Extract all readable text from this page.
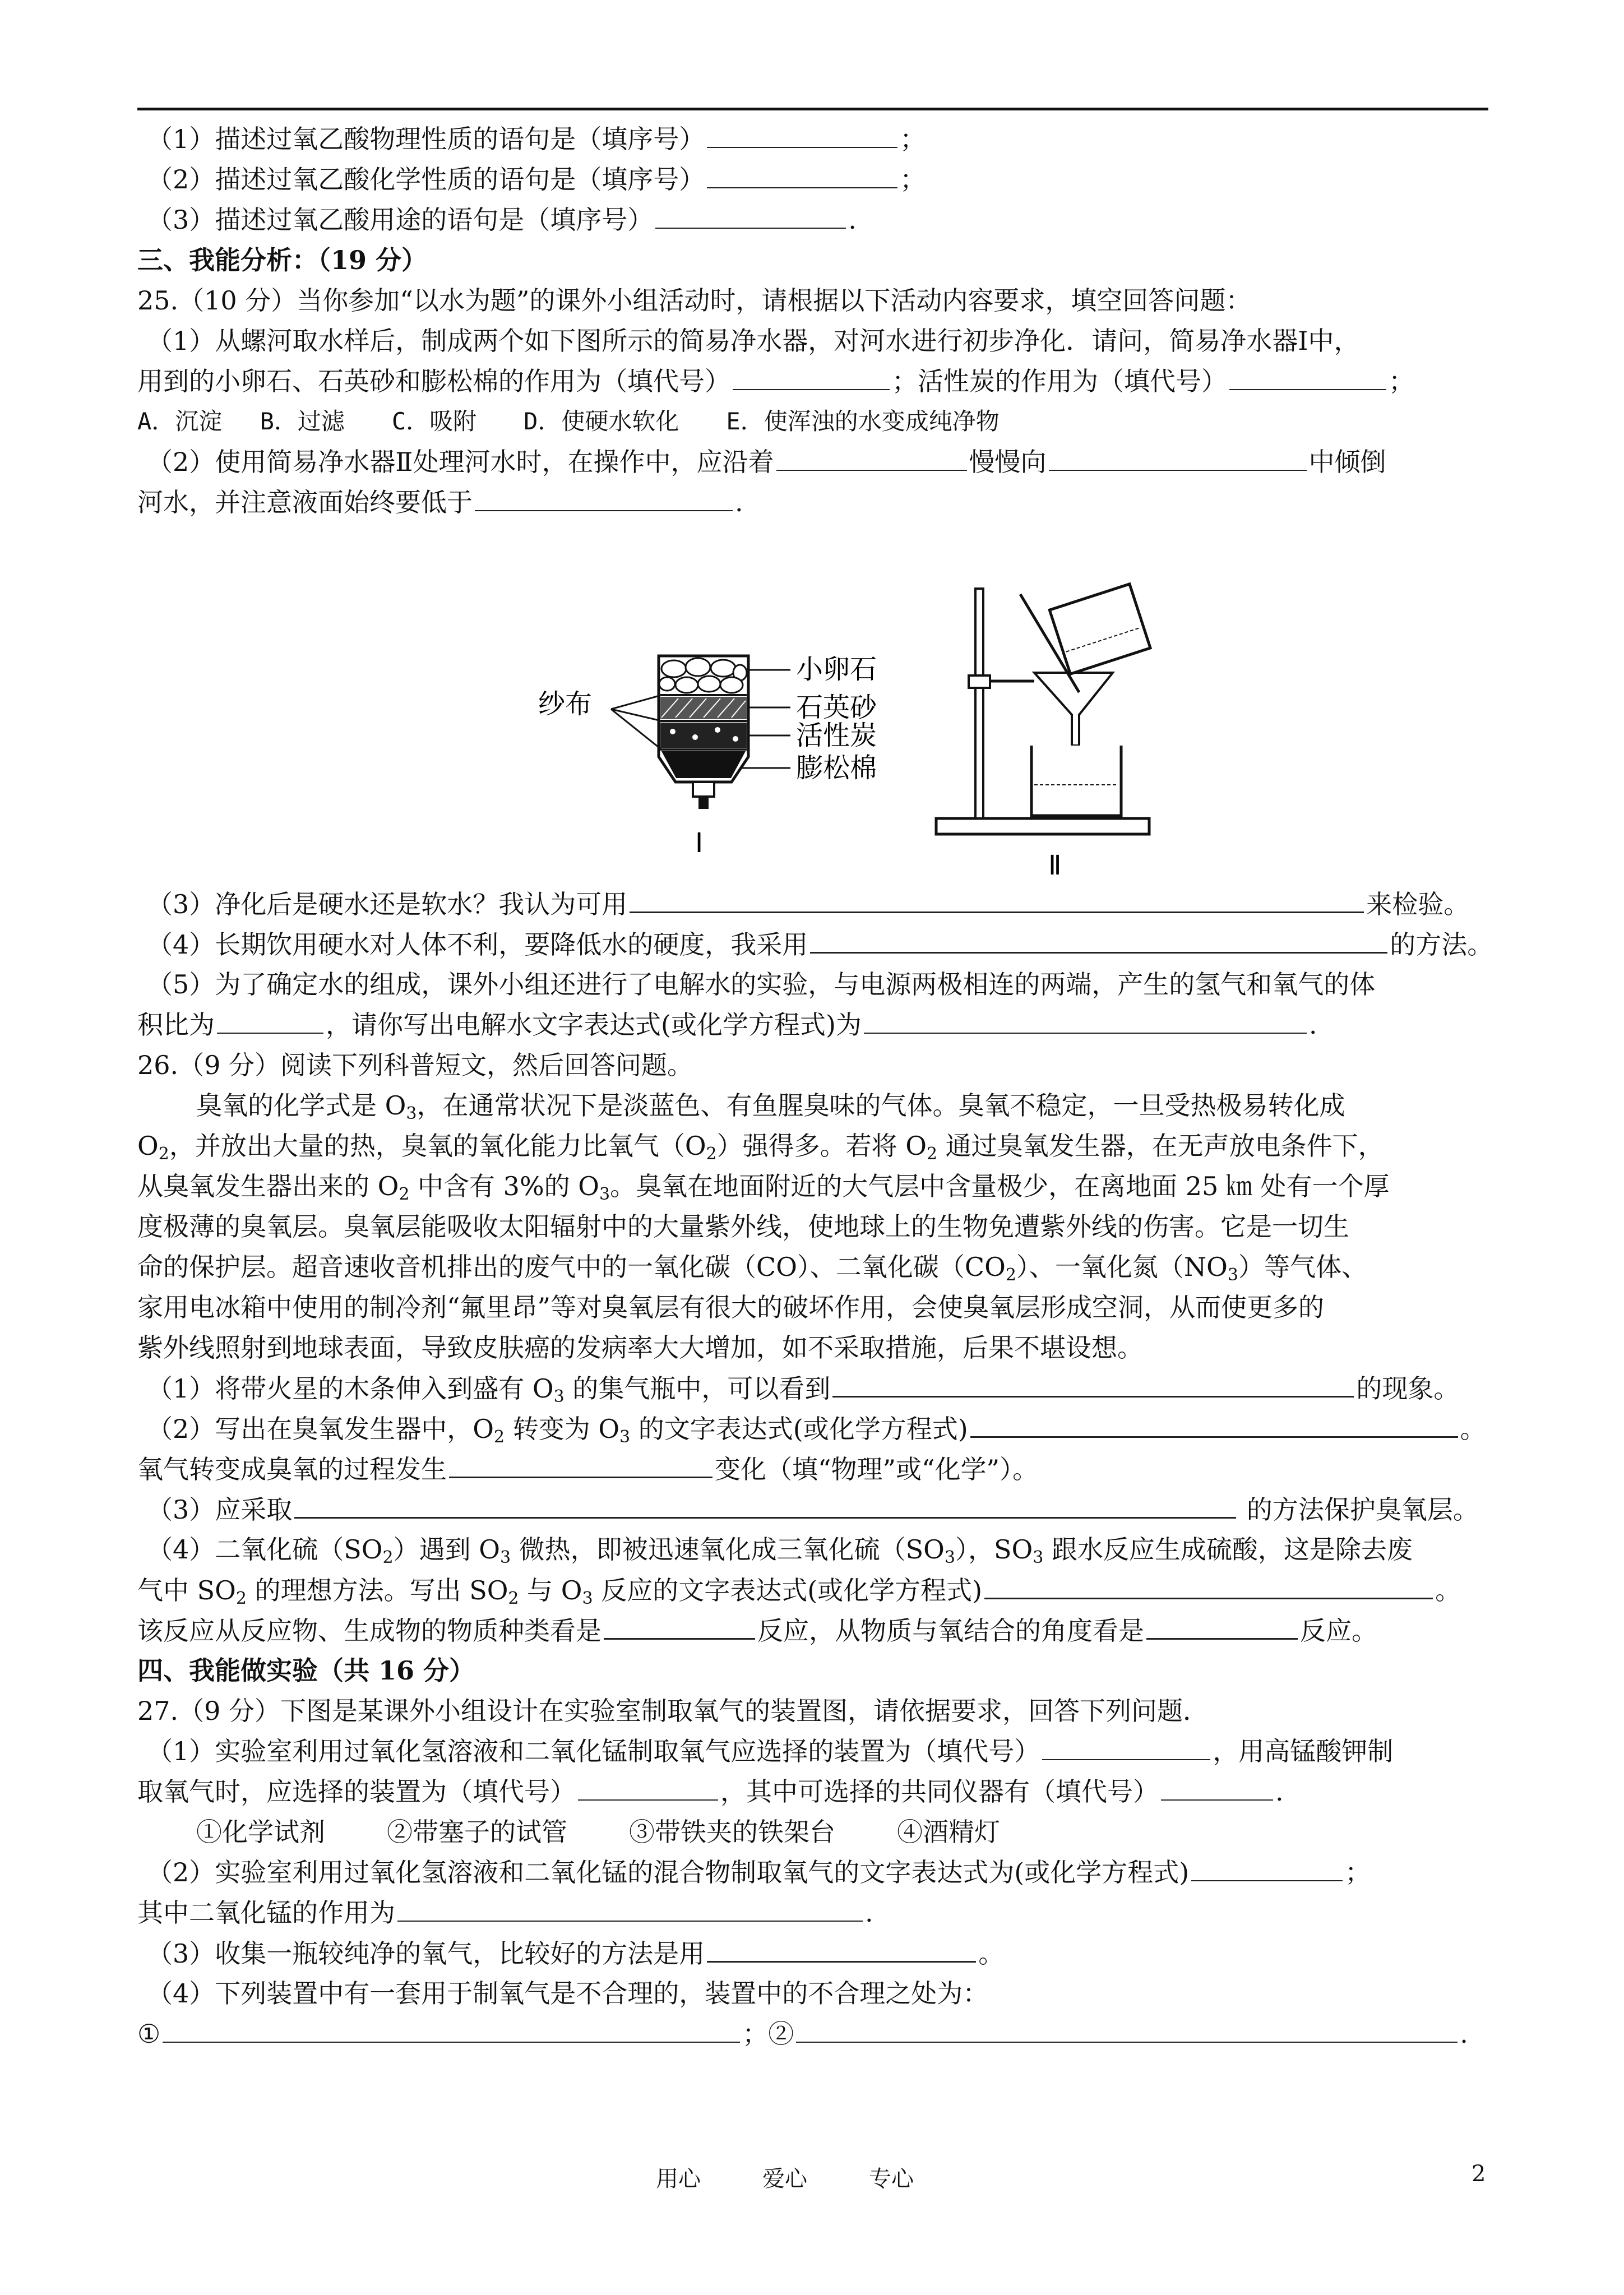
（1）描述过氧乙酸物理性质的语句是（填序号）	；
（2）描述过氧乙酸化学性质的语句是（填序号）	；
（3）描述过氧乙酸用途的语句是（填序号）	.
三、我能分析：（19 分）
25.（10 分）当你参加“以水为题”的课外小组活动时，请根据以下活动内容要求，填空回答问题：
（1）从螺河取水样后，制成两个如下图所示的简易净水器，对河水进行初步净化．请问，简易净水器Ⅰ中，
用到的小卵石、石英砂和膨松棉的作用为（填代号）	；活性炭的作用为（填代号）	；
A．沉淀　 B．过滤　　C．吸附　　D．使硬水软化　　E．使浑浊的水变成纯净物
（2）使用简易净水器Ⅱ处理河水时，在操作中，应沿着	慢慢向	中倾倒
河水，并注意液面始终要低于	.
小卵石
石英砂
活性炭
膨松棉
纱布
Ⅰ
Ⅱ
（3）净化后是硬水还是软水？我认为可用	来检验。
（4）长期饮用硬水对人体不利，要降低水的硬度，我采用	的方法。
（5）为了确定水的组成，课外小组还进行了电解水的实验，与电源两极相连的两端，产生的氢气和氧气的体
积比为	，请你写出电解水文字表达式(或化学方程式)为	.
26.（9 分）阅读下列科普短文，然后回答问题。
臭氧的化学式是 $O_3$，在通常状况下是淡蓝色、有鱼腥臭味的气体。臭氧不稳定，一旦受热极易转化成
$O_2$，并放出大量的热，臭氧的氧化能力比氧气$(O_2)$强得多。若将 $O_2$ 通过臭氧发生器，在无声放电条件下，
从臭氧发生器出来的 $O_2$ 中含有 3%的 $O_3$。臭氧在地面附近的大气层中含量极少，在离地面 25 ㎞ 处有一个厚
度极薄的臭氧层。臭氧层能吸收太阳辐射中的大量紫外线，使地球上的生物免遭紫外线的伤害。它是一切生
命的保护层。超音速收音机排出的废气中的一氧化碳（CO）、二氧化碳$(CO_2)$、一氧化氮$(NO_3)$等气体、
家用电冰箱中使用的制冷剂“氟里昂”等对臭氧层有很大的破坏作用，会使臭氧层形成空洞，从而使更多的
紫外线照射到地球表面，导致皮肤癌的发病率大大增加，如不采取措施，后果不堪设想。
（1）将带火星的木条伸入到盛有 $O_3$ 的集气瓶中，可以看到	的现象。
（2）写出在臭氧发生器中，$O_2$ 转变为 $O_3$ 的文字表达式(或化学方程式)	。
氧气转变成臭氧的过程发生	变化（填“物理”或“化学”）。
（3）应采取	的方法保护臭氧层。
（4）二氧化硫$(SO_2)$遇到 $O_3$ 微热，即被迅速氧化成三氧化硫$(SO_3)$，$SO_3$ 跟水反应生成硫酸，这是除去废
气中 $SO_2$ 的理想方法。写出 $SO_2$ 与 $O_3$ 反应的文字表达式(或化学方程式)	。
该反应从反应物、生成物的物质种类看是	反应，从物质与氧结合的角度看是	反应。
四、我能做实验（共 16 分）
27.（9 分）下图是某课外小组设计在实验室制取氧气的装置图，请依据要求，回答下列问题．
（1）实验室利用过氧化氢溶液和二氧化锰制取氧气应选择的装置为（填代号）	，用高锰酸钾制
取氧气时，应选择的装置为（填代号）	，其中可选择的共同仪器有（填代号）	.
①化学试剂 ②带塞子的试管 ③带铁夹的铁架台 ④酒精灯
（2）实验室利用过氧化氢溶液和二氧化锰的混合物制取氧气的文字表达式为(或化学方程式)	；
其中二氧化锰的作用为	.
（3）收集一瓶较纯净的氧气，比较好的方法是用	。
（4）下列装置中有一套用于制氧气是不合理的，装置中的不合理之处为：
①	；②	.
用心	爱心	专心	2
